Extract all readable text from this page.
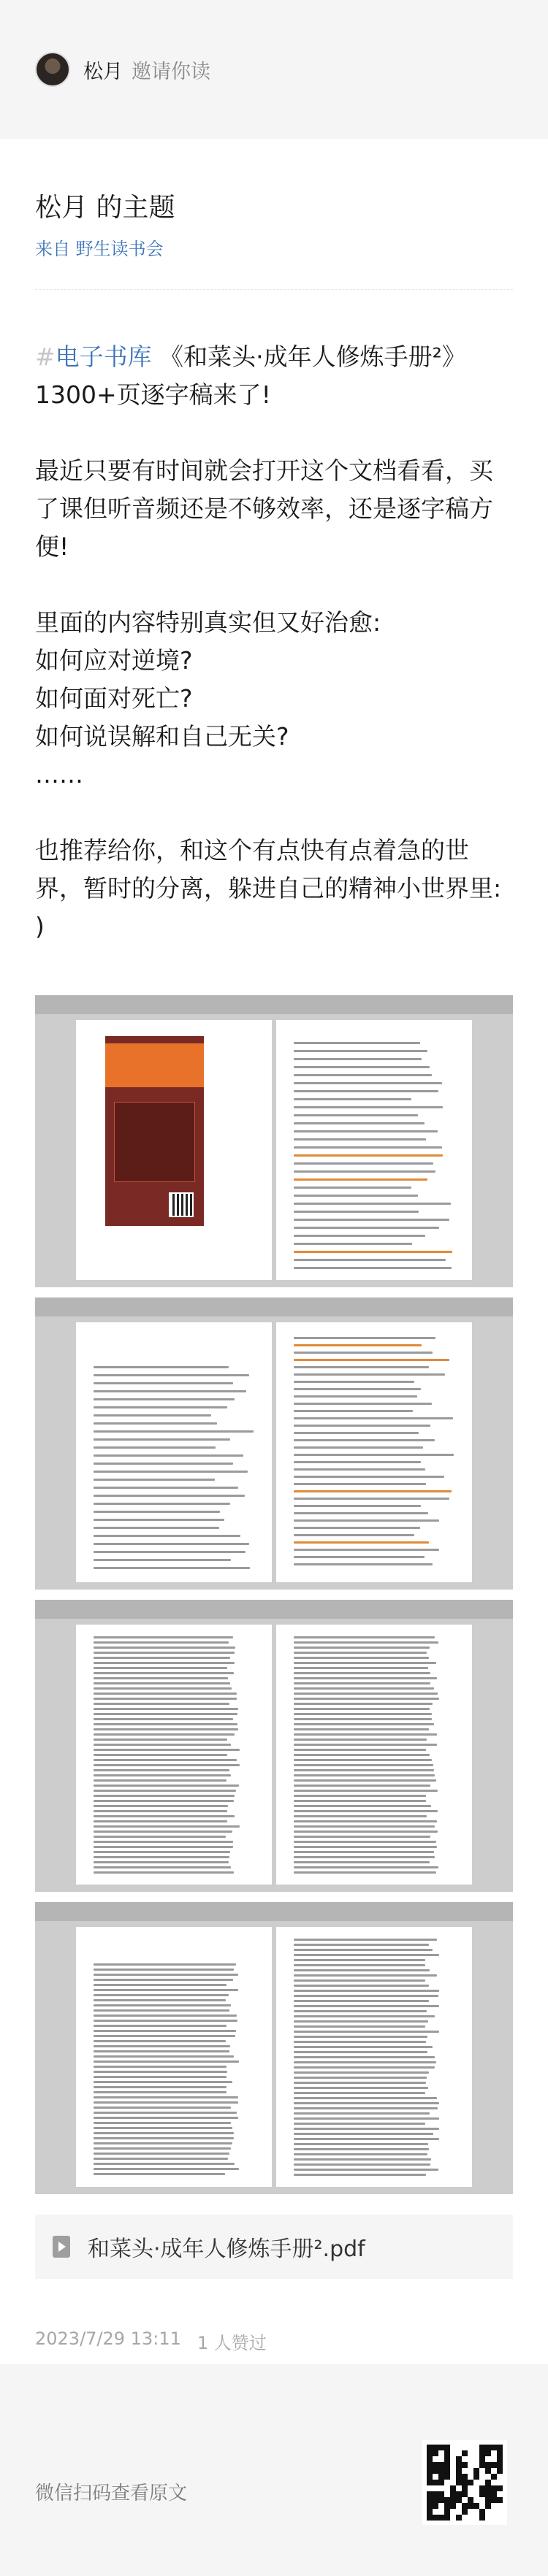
松月 邀请你读
松月 的主题
来自 野生读书会
#电子书库 《和菜头·成年人修炼手册²》1300+页逐字稿来了!
最近只要有时间就会打开这个文档看看，买了课但听音频还是不够效率，还是逐字稿方便!
里面的内容特别真实但又好治愈:
如何应对逆境?
如何面对死亡?
如何说误解和自己无关?
……
也推荐给你，和这个有点快有点着急的世界，暂时的分离，躲进自己的精神小世界里: )
和菜头·成年人修炼手册².pdf
2023/7/29 13:11 1 人赞过
微信扫码查看原文
